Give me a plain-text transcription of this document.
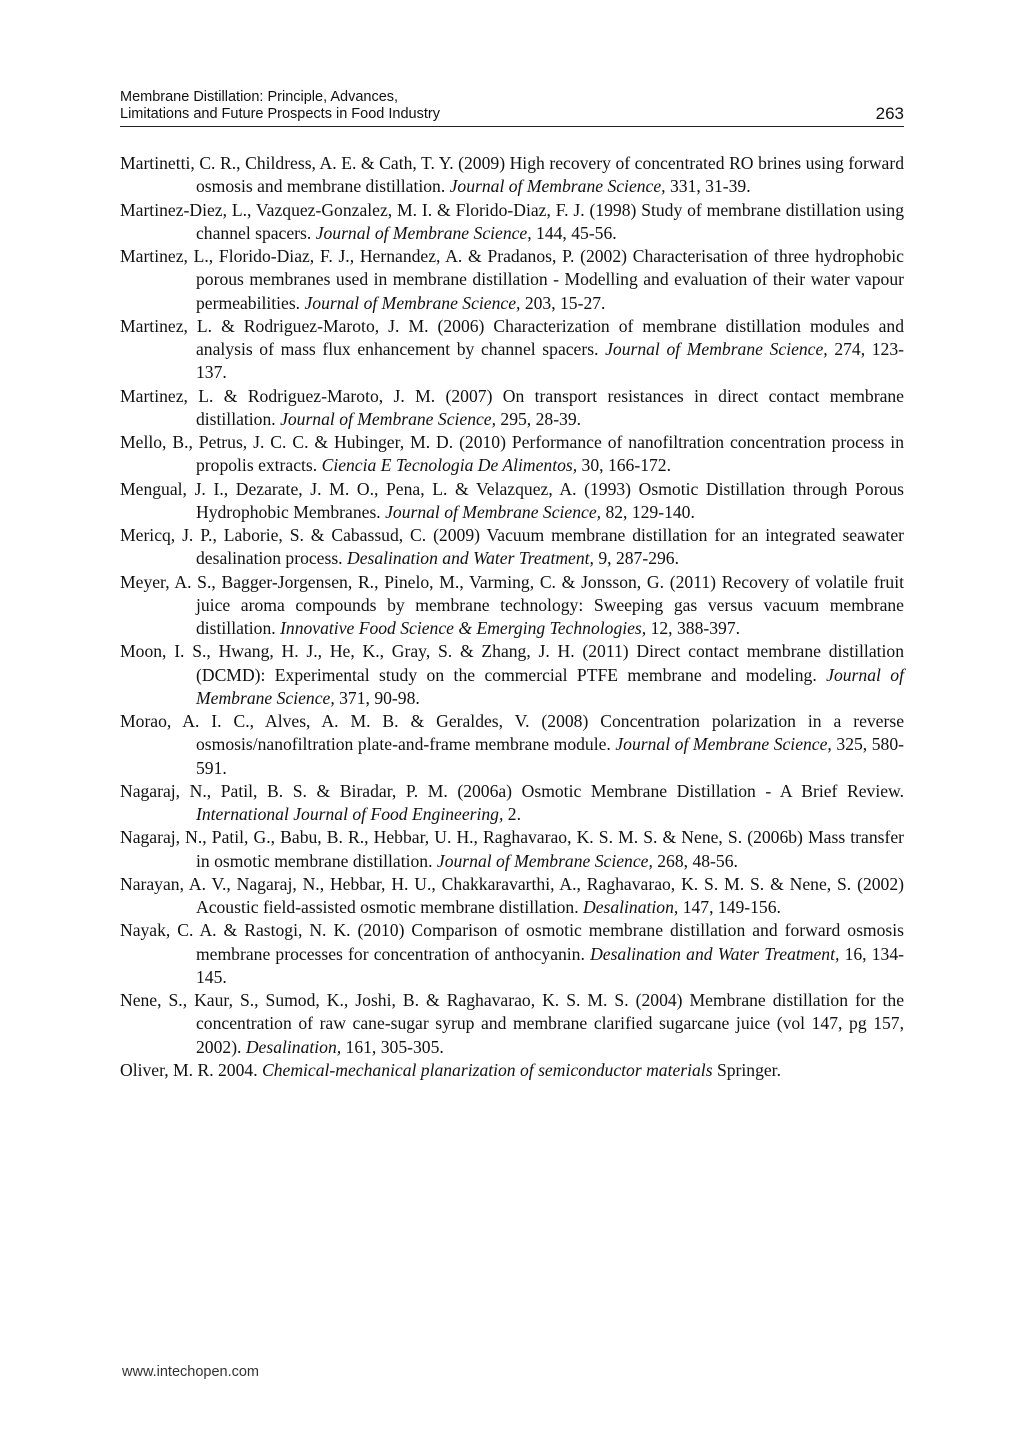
Membrane Distillation: Principle, Advances,
Limitations and Future Prospects in Food Industry	263

Martinetti, C. R., Childress, A. E. & Cath, T. Y. (2009) High recovery of concentrated RO brines using forward osmosis and membrane distillation. Journal of Membrane Science, 331, 31-39.

Martinez-Diez, L., Vazquez-Gonzalez, M. I. & Florido-Diaz, F. J. (1998) Study of membrane distillation using channel spacers. Journal of Membrane Science, 144, 45-56.

Martinez, L., Florido-Diaz, F. J., Hernandez, A. & Pradanos, P. (2002) Characterisation of three hydrophobic porous membranes used in membrane distillation - Modelling and evaluation of their water vapour permeabilities. Journal of Membrane Science, 203, 15-27.

Martinez, L. & Rodriguez-Maroto, J. M. (2006) Characterization of membrane distillation modules and analysis of mass flux enhancement by channel spacers. Journal of Membrane Science, 274, 123-137.

Martinez, L. & Rodriguez-Maroto, J. M. (2007) On transport resistances in direct contact membrane distillation. Journal of Membrane Science, 295, 28-39.

Mello, B., Petrus, J. C. C. & Hubinger, M. D. (2010) Performance of nanofiltration concentration process in propolis extracts. Ciencia E Tecnologia De Alimentos, 30, 166-172.

Mengual, J. I., Dezarate, J. M. O., Pena, L. & Velazquez, A. (1993) Osmotic Distillation through Porous Hydrophobic Membranes. Journal of Membrane Science, 82, 129-140.

Mericq, J. P., Laborie, S. & Cabassud, C. (2009) Vacuum membrane distillation for an integrated seawater desalination process. Desalination and Water Treatment, 9, 287-296.

Meyer, A. S., Bagger-Jorgensen, R., Pinelo, M., Varming, C. & Jonsson, G. (2011) Recovery of volatile fruit juice aroma compounds by membrane technology: Sweeping gas versus vacuum membrane distillation. Innovative Food Science & Emerging Technologies, 12, 388-397.

Moon, I. S., Hwang, H. J., He, K., Gray, S. & Zhang, J. H. (2011) Direct contact membrane distillation (DCMD): Experimental study on the commercial PTFE membrane and modeling. Journal of Membrane Science, 371, 90-98.

Morao, A. I. C., Alves, A. M. B. & Geraldes, V. (2008) Concentration polarization in a reverse osmosis/nanofiltration plate-and-frame membrane module. Journal of Membrane Science, 325, 580-591.

Nagaraj, N., Patil, B. S. & Biradar, P. M. (2006a) Osmotic Membrane Distillation - A Brief Review. International Journal of Food Engineering, 2.

Nagaraj, N., Patil, G., Babu, B. R., Hebbar, U. H., Raghavarao, K. S. M. S. & Nene, S. (2006b) Mass transfer in osmotic membrane distillation. Journal of Membrane Science, 268, 48-56.

Narayan, A. V., Nagaraj, N., Hebbar, H. U., Chakkaravarthi, A., Raghavarao, K. S. M. S. & Nene, S. (2002) Acoustic field-assisted osmotic membrane distillation. Desalination, 147, 149-156.

Nayak, C. A. & Rastogi, N. K. (2010) Comparison of osmotic membrane distillation and forward osmosis membrane processes for concentration of anthocyanin. Desalination and Water Treatment, 16, 134-145.

Nene, S., Kaur, S., Sumod, K., Joshi, B. & Raghavarao, K. S. M. S. (2004) Membrane distillation for the concentration of raw cane-sugar syrup and membrane clarified sugarcane juice (vol 147, pg 157, 2002). Desalination, 161, 305-305.

Oliver, M. R. 2004. Chemical-mechanical planarization of semiconductor materials Springer.

www.intechopen.com
